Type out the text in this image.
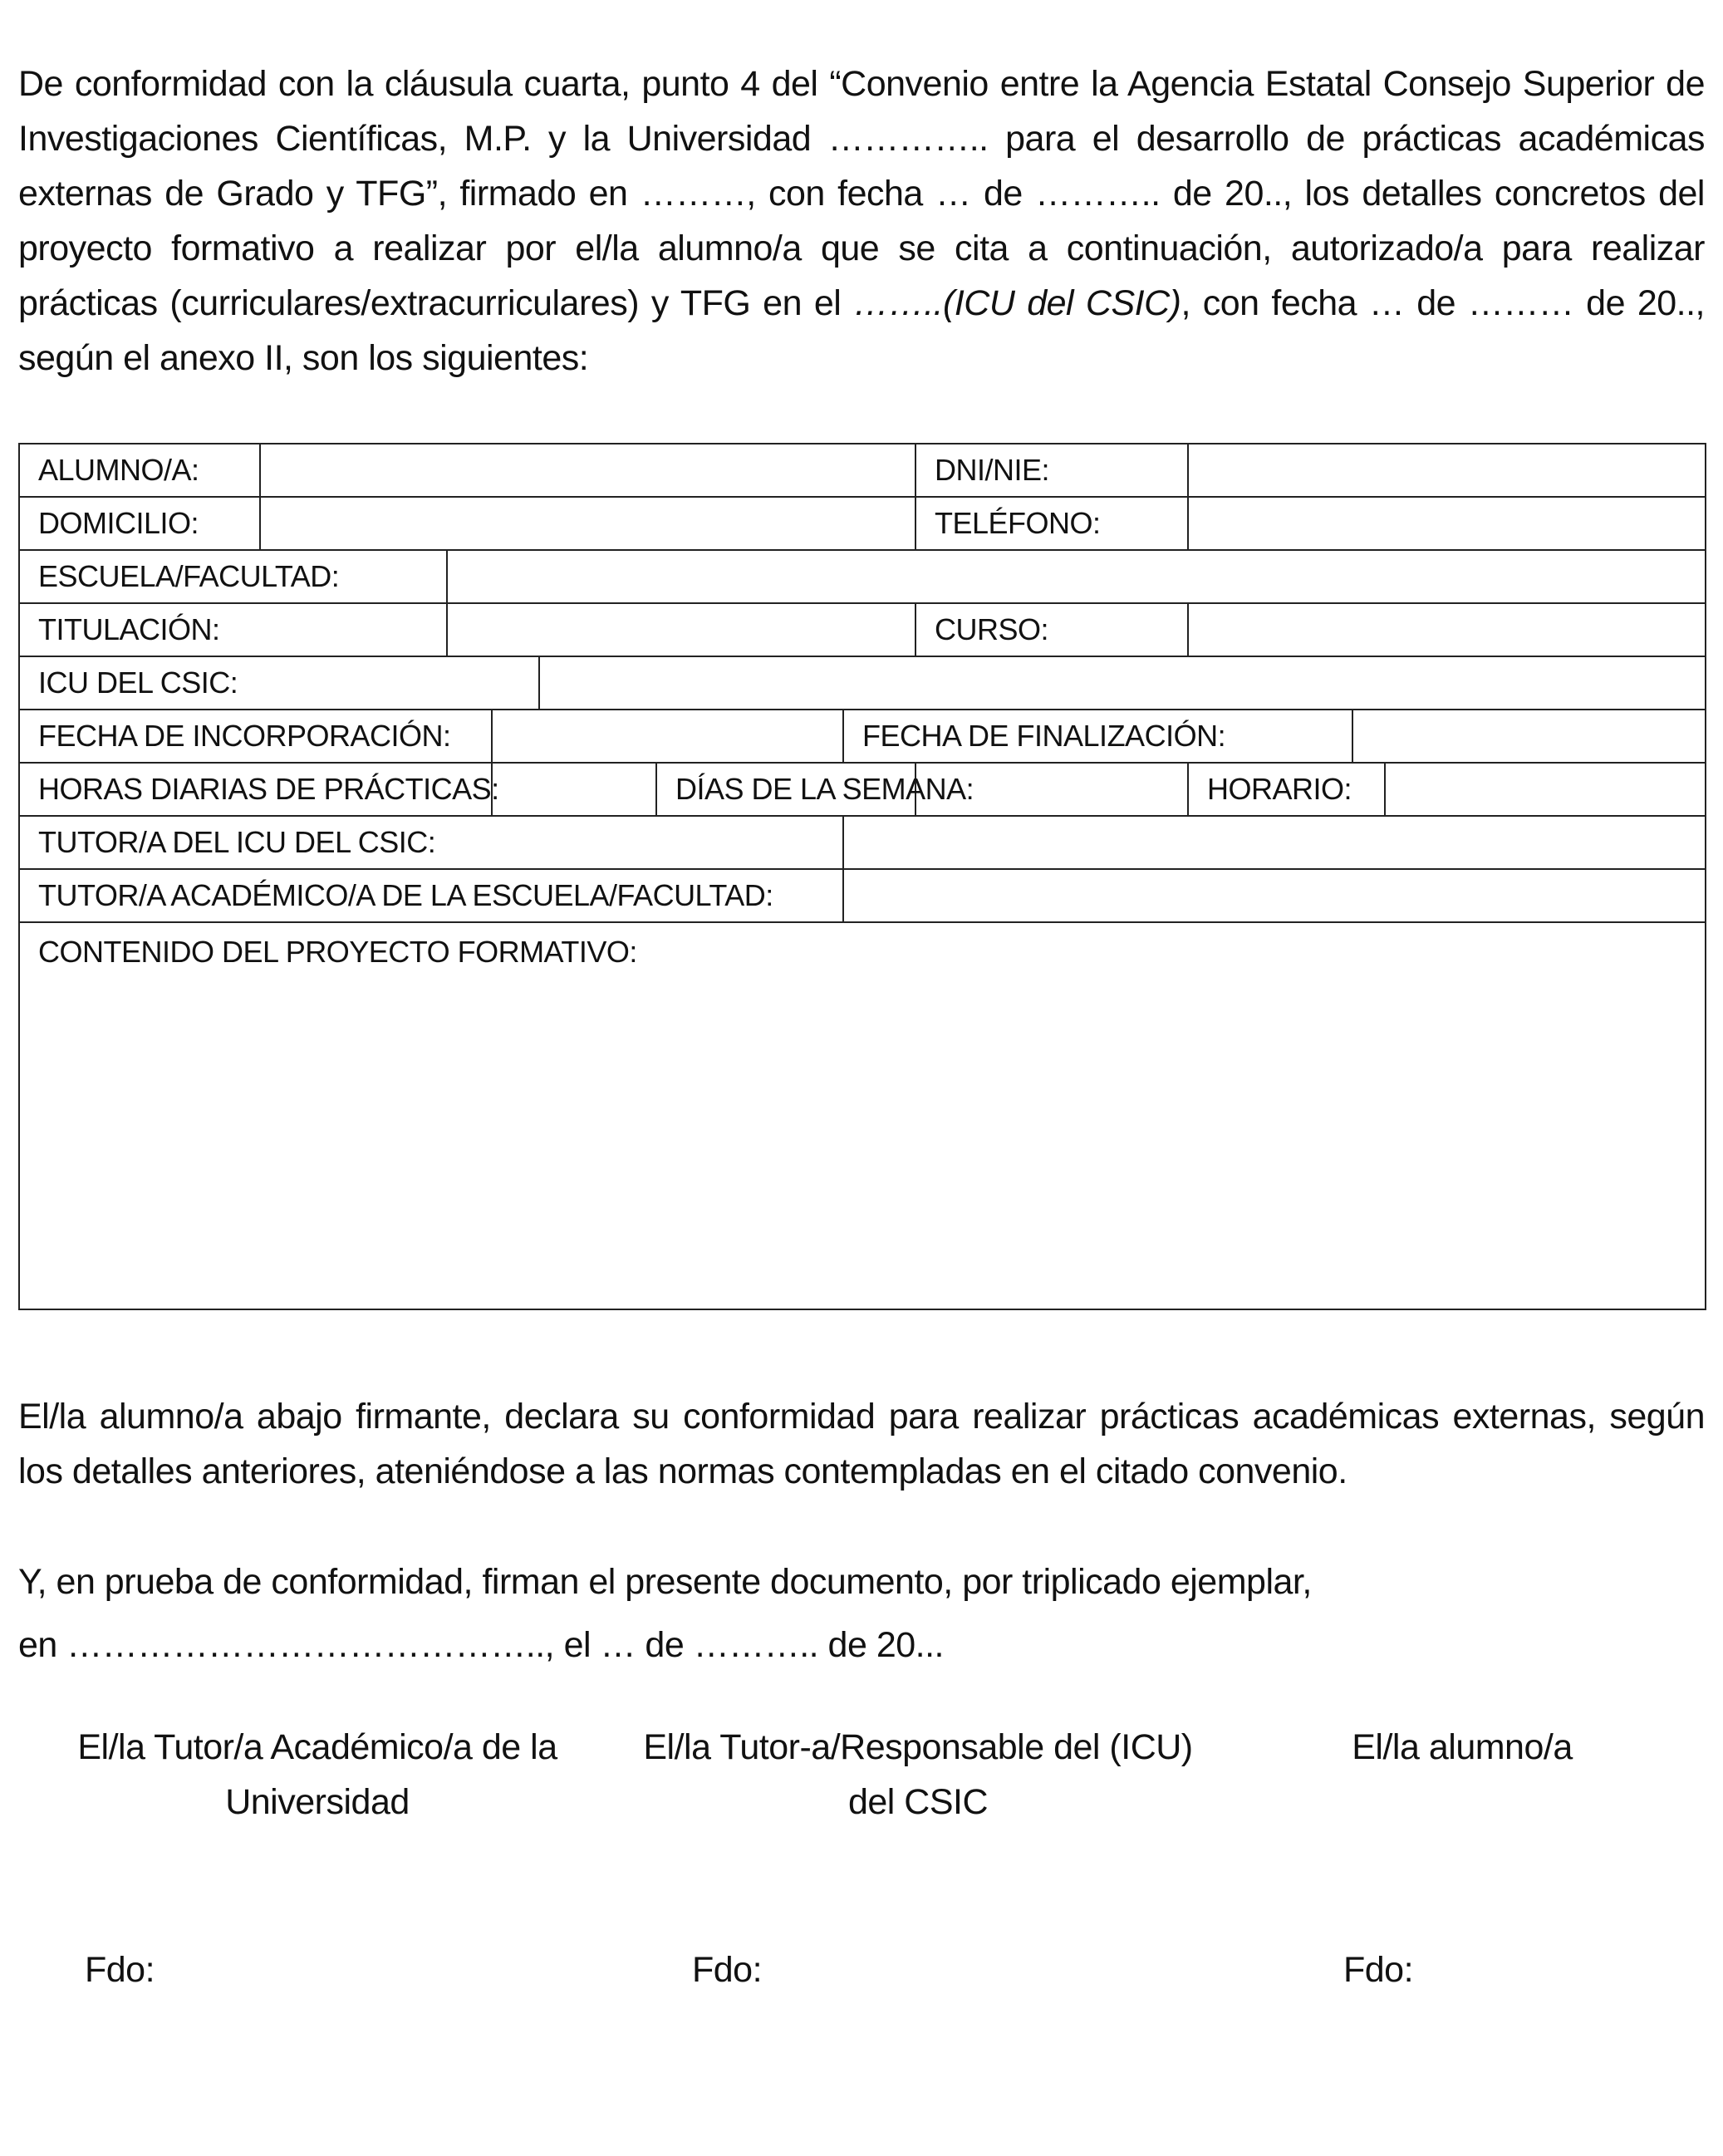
De conformidad con la cláusula cuarta, punto 4 del “Convenio entre la Agencia Estatal Consejo Superior de Investigaciones Científicas, M.P. y la Universidad ………….. para el desarrollo de prácticas académicas externas de Grado y TFG”, firmado en ………, con fecha … de ……….. de 20.., los detalles concretos del proyecto formativo a realizar por el/la alumno/a que se cita a continuación, autorizado/a para realizar prácticas (curriculares/extracurriculares) y TFG en el ……..(ICU del CSIC), con fecha … de ……… de 20.., según el anexo II, son los siguientes:

ALUMNO/A:							DNI/NIE:			
DOMICILIO:							TELÉFONO:			
ESCUELA/FACULTAD:										
TITULACIÓN:							CURSO:			
ICU DEL CSIC:										
FECHA DE INCORPORACIÓN:						FECHA DE FINALIZACIÓN:				
HORAS DIARIAS DE PRÁCTICAS:					DÍAS DE LA SEMANA:			HORARIO:		
TUTOR/A DEL ICU DEL CSIC:										
TUTOR/A ACADÉMICO/A DE LA ESCUELA/FACULTAD:										
CONTENIDO DEL PROYECTO FORMATIVO:										

El/la alumno/a abajo firmante, declara su conformidad para realizar prácticas académicas externas, según los detalles anteriores, ateniéndose a las normas contempladas en el citado convenio.

Y, en prueba de conformidad, firman el presente documento, por triplicado ejemplar,

en ………………………………….., el … de ……….. de 20...

El/la Tutor/a Académico/a de la
Universidad
El/la Tutor-a/Responsable del (ICU)
del CSIC
El/la alumno/a
Fdo:	Fdo:	Fdo:
